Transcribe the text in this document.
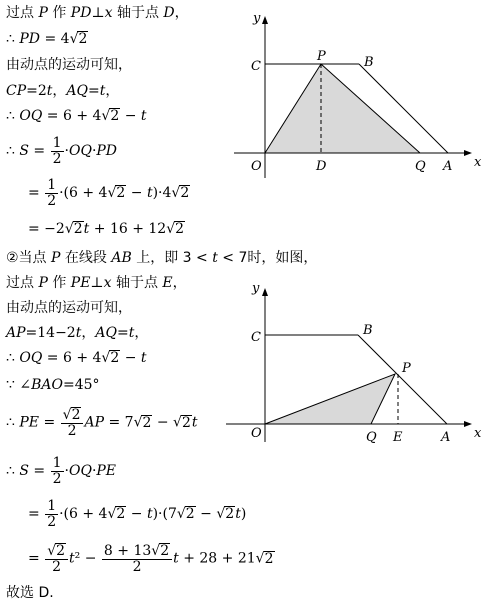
过点 P 作 PD⊥x 轴于点 D，
∴ PD = 4√2
由动点的运动可知，
CP=2t，AQ=t，
∴ OQ = 6 + 4√2 − t
∴ $S = \frac{1}{2} \cdot OQ\cdot PD$
= $\frac{1}{2} \cdot(6 + 4√2 - t)\cdot 4√2$
= −2√2t + 16 + 12√2
②当点 P 在线段 AB 上，即 3 < t < 7时，如图，
过点 P 作 PE⊥x 轴于点 E，
由动点的运动可知，
AP=14−2t，AQ=t，
∴ OQ = 6 + 4√2 − t
∵ ∠BAO=45°
∴ PE = $\frac{√2}{2}$ AP = 7√2 − √2t
∴ $S = \frac{1}{2} \cdot OQ\cdot PE$
= $\frac{1}{2} \cdot(6 + 4√2 - t)\cdot(7√2 - √2t)$
= $\frac{√2}{2} t^2 - \frac{8 + 13√2}{2}$ t + 28 + 21√2
故选 D.
y
x
C
P	B
O	D	Q A
y
x
C	B
P
O	Q E	A
